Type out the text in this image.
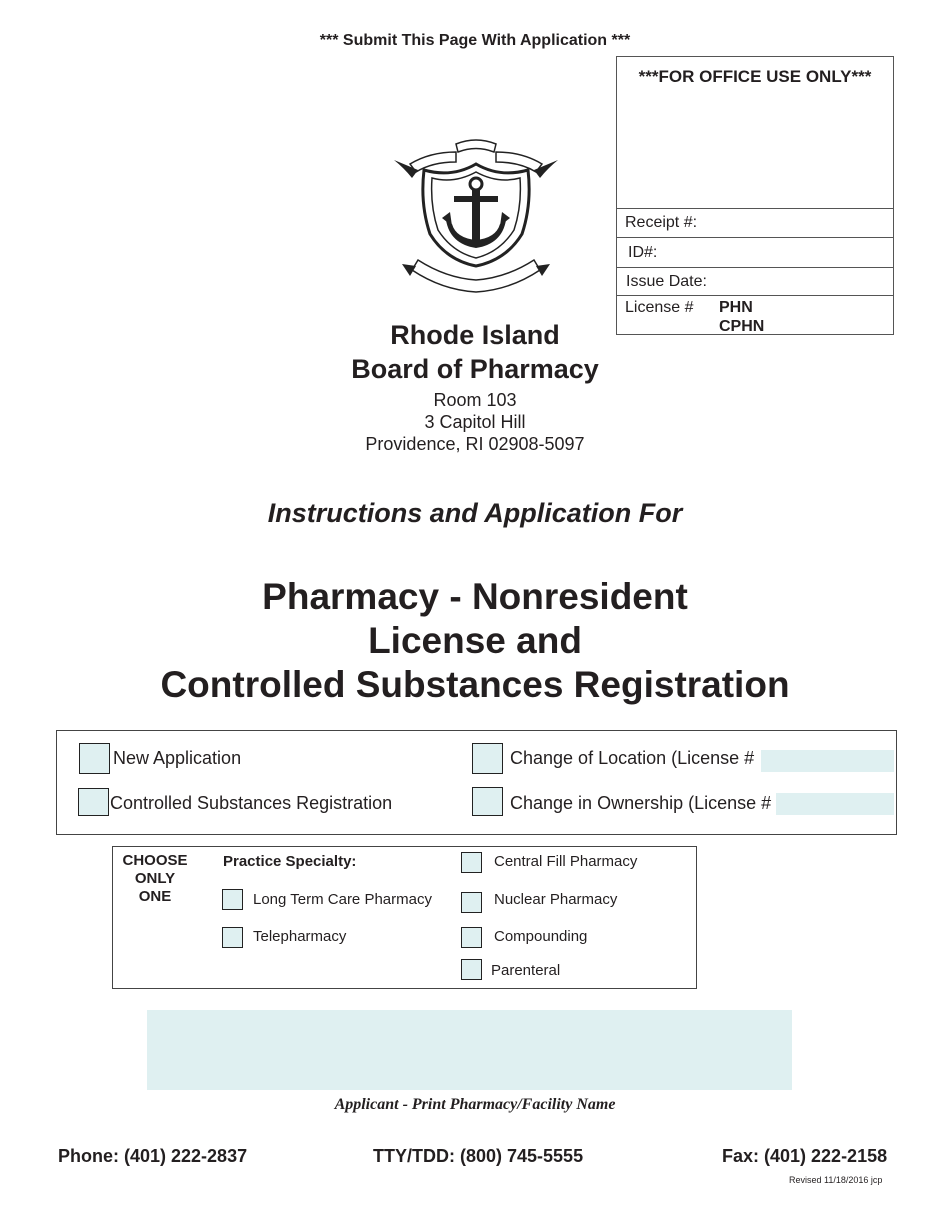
*** Submit This Page With Application ***
***FOR OFFICE USE ONLY***
Receipt #:
ID#:
Issue Date:
License # PHN
CPHN
Rhode Island
Board of Pharmacy
Room 103
3 Capitol Hill
Providence, RI 02908-5097
Instructions and Application For
Pharmacy - Nonresident
License and
Controlled Substances Registration
New Application
Controlled Substances Registration
Change of Location (License #
Change in Ownership (License #
CHOOSE
ONLY
ONE
Practice Specialty:
Long Term Care Pharmacy
Telepharmacy
Central Fill Pharmacy
Nuclear Pharmacy
Compounding
Parenteral
Applicant - Print Pharmacy/Facility Name
Phone: (401) 222-2837	TTY/TDD: (800) 745-5555	Fax: (401) 222-2158
Revised 11/18/2016 jcp
